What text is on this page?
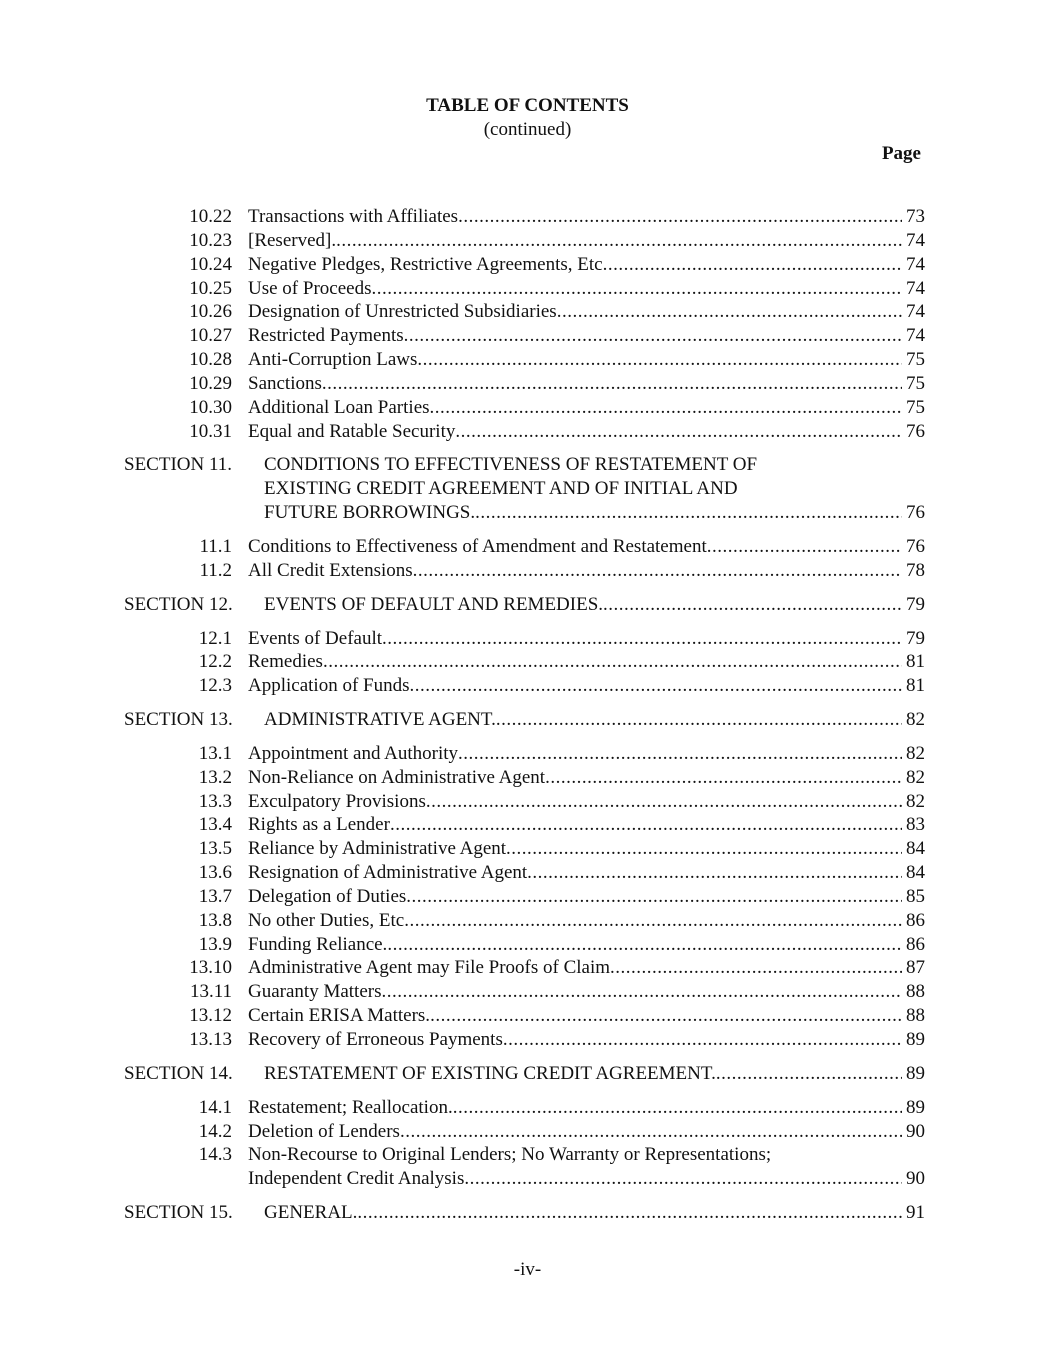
TABLE OF CONTENTS
(continued)
Page
10.22 Transactions with Affiliates .....	73
10.23 [Reserved]. .....	74
10.24 Negative Pledges, Restrictive Agreements, Etc .....	74
10.25 Use of Proceeds .....	74
10.26 Designation of Unrestricted Subsidiaries .....	74
10.27 Restricted Payments .....	74
10.28 Anti-Corruption Laws .....	75
10.29 Sanctions .....	75
10.30 Additional Loan Parties .....	75
10.31 Equal and Ratable Security .....	76
SECTION 11. CONDITIONS TO EFFECTIVENESS OF RESTATEMENT OF
EXISTING CREDIT AGREEMENT AND OF INITIAL AND
FUTURE BORROWINGS. .....	76
11.1 Conditions to Effectiveness of Amendment and Restatement .....	76
11.2 All Credit Extensions .....	78
SECTION 12. EVENTS OF DEFAULT AND REMEDIES. .....	79
12.1 Events of Default .....	79
12.2 Remedies .....	81
12.3 Application of Funds .....	81
SECTION 13. ADMINISTRATIVE AGENT. .....	82
13.1 Appointment and Authority .....	82
13.2 Non-Reliance on Administrative Agent .....	82
13.3 Exculpatory Provisions .....	82
13.4 Rights as a Lender .....	83
13.5 Reliance by Administrative Agent .....	84
13.6 Resignation of Administrative Agent .....	84
13.7 Delegation of Duties .....	85
13.8 No other Duties, Etc .....	86
13.9 Funding Reliance. .....	86
13.10 Administrative Agent may File Proofs of Claim .....	87
13.11 Guaranty Matters .....	88
13.12 Certain ERISA Matters. .....	88
13.13 Recovery of Erroneous Payments .....	89
SECTION 14. RESTATEMENT OF EXISTING CREDIT AGREEMENT. .....	89
14.1 Restatement; Reallocation. .....	89
14.2 Deletion of Lenders .....	90
14.3 Non-Recourse to Original Lenders; No Warranty or Representations;
Independent Credit Analysis .....	90
SECTION 15. GENERAL. .....	91
-iv-
